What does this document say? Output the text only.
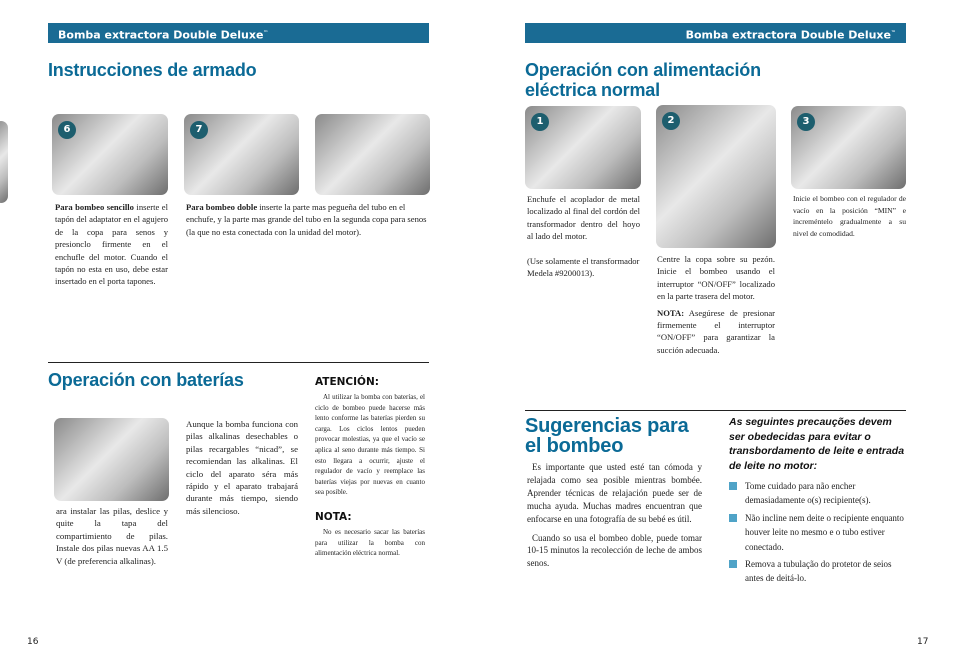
Bomba extractora Double Deluxe™
Instrucciones de armado
6	7
Para bombeo sencillo inserte el tapón del adaptator en el agujero de la copa para senos y presionclo firmente en el enchufle del motor. Cuando el tapón no esta en uso, debe estar insertado en el porta tapones.
Para bombeo doble inserte la parte mas pegueña del tubo en el enchufe, y la parte mas grande del tubo en la segunda copa para senos (la que no esta conectada con la unidad del motor).
Operación con baterías
ara instalar las pilas, deslice y quite la tapa del compartimiento de pilas. Instale dos pilas nuevas AA 1.5 V (de preferencia alkalinas).
Aunque la bomba funciona con pilas alkalinas desechables o pilas recargables “nicad”, se recomiendan las alkalinas. El ciclo del aparato séra más rápido y el aparato trabajará durante más tiempo, siendo más silencioso.
ATENCIÓN:
Al utilizar la bomba con baterías, el ciclo de bombeo puede hacerse más lento conforme las baterías pierden su carga. Los ciclos lentos pueden provocar molestias, ya que el vacío se aplica al seno durante más tiempo. Si esto llegara a ocurrir, ajuste el regulador de vacío y reemplace las baterías viejas por nuevas en cuanto sea posible.
NOTA:
No es necesario sacar las baterías para utilizar la bomba con alimentación eléctrica normal.
16
Bomba extractora Double Deluxe™
Operación con alimentación
eléctrica normal
1	2	3
Enchufe el acoplador de metal localizado al final del cordón del transformador dentro del hoyo al lado del motor.
(Use solamente el transformador Medela #9200013).
Centre la copa sobre su pezón. Inicie el bombeo usando el interruptor “ON/OFF” localizado en la parte trasera del motor.
NOTA: Asegúrese de presionar firmemente el interruptor “ON/OFF” para garantizar la succión adecuada.
Inicie el bombeo con el regulador de vacío en la posición “MIN” e increméntelo gradualmente a su nivel de comodidad.
Sugerencias para
el bombeo
Es importante que usted esté tan cómoda y relajada como sea posible mientras bombée. Aprender técnicas de relajación puede ser de mucha ayuda. Muchas madres encuentran que enfocarse en una fotografía de su bebé es útil.
Cuando so usa el bombeo doble, puede tomar 10-15 minutos la recolección de leche de ambos senos.
As seguintes precauções devem ser obedecidas para evitar o transbordamento de leite e entrada de leite no motor:
Tome cuidado para não encher demasiadamente o(s) recipiente(s).
Não incline nem deite o recipiente enquanto houver leite no mesmo e o tubo estiver conectado.
Remova a tubulação do protetor de seios antes de deitá-lo.
17
